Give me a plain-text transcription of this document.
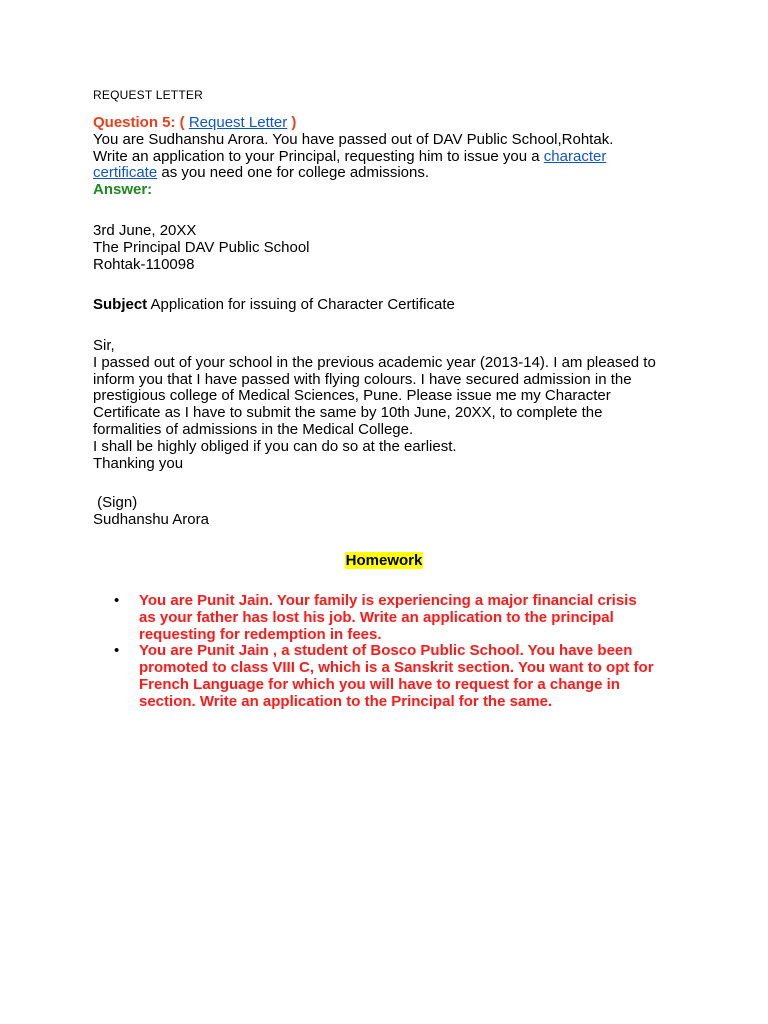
REQUEST LETTER

Question 5: ( Request Letter )

You are Sudhanshu Arora. You have passed out of DAV Public School,Rohtak.

Write an application to your Principal, requesting him to issue you a character

certificate as you need one for college admissions.

Answer:

3rd June, 20XX

The Principal DAV Public School

Rohtak-110098

Subject Application for issuing of Character Certificate

Sir,

I passed out of your school in the previous academic year (2013-14). I am pleased to

inform you that I have passed with flying colours. I have secured admission in the

prestigious college of Medical Sciences, Pune. Please issue me my Character

Certificate as I have to submit the same by 10th June, 20XX, to complete the

formalities of admissions in the Medical College.

I shall be highly obliged if you can do so at the earliest.

Thanking you

(Sign)

Sudhanshu Arora

Homework
• You are Punit Jain. Your family is experiencing a major financial crisis

as your father has lost his job. Write an application to the principal

requesting for redemption in fees.

• You are Punit Jain , a student of Bosco Public School. You have been

promoted to class VIII C, which is a Sanskrit section. You want to opt for

French Language for which you will have to request for a change in

section. Write an application to the Principal for the same.
